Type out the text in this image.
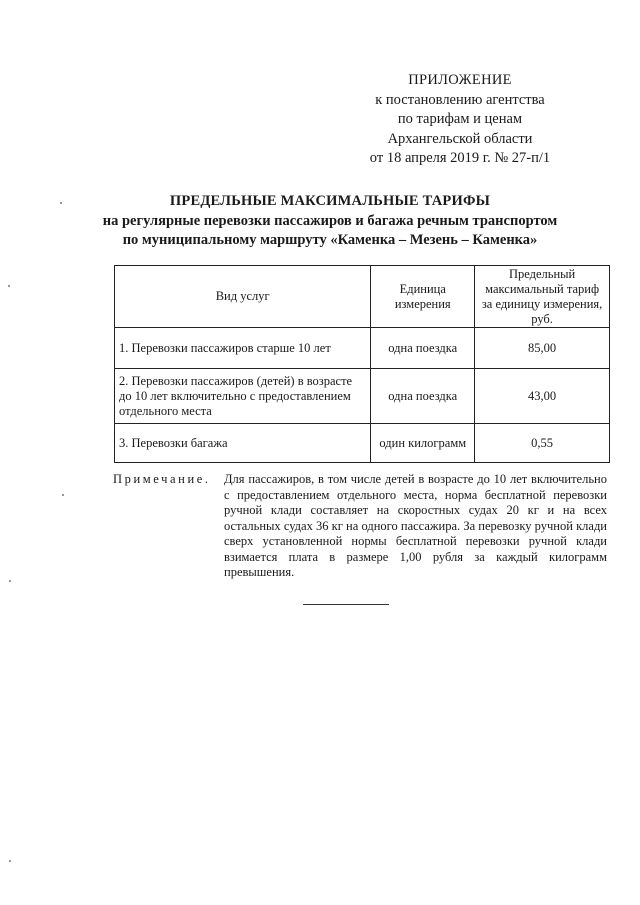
ПРИЛОЖЕНИЕ
к постановлению агентства
по тарифам и ценам
Архангельской области
от 18 апреля 2019 г. № 27-п/1
ПРЕДЕЛЬНЫЕ МАКСИМАЛЬНЫЕ ТАРИФЫ
на регулярные перевозки пассажиров и багажа речным транспортом
по муниципальному маршруту «Каменка – Мезень – Каменка»
Вид услуг	Единица измерения	Предельный максимальный тариф за единицу измерения, руб.
1. Перевозки пассажиров старше 10 лет	одна поездка	85,00
2. Перевозки пассажиров (детей) в возрасте до 10 лет включительно с предоставлением отдельного места	одна поездка	43,00
3. Перевозки багажа	один килограмм	0,55
Примечание. Для пассажиров, в том числе детей в возрасте до 10 лет включительно с предоставлением отдельного места, норма бесплатной перевозки ручной клади составляет на скоростных судах 20 кг и на всех остальных судах 36 кг на одного пассажира. За перевозку ручной клади сверх установленной нормы бесплатной перевозки ручной клади взимается плата в размере 1,00 рубля за каждый килограмм превышения.
